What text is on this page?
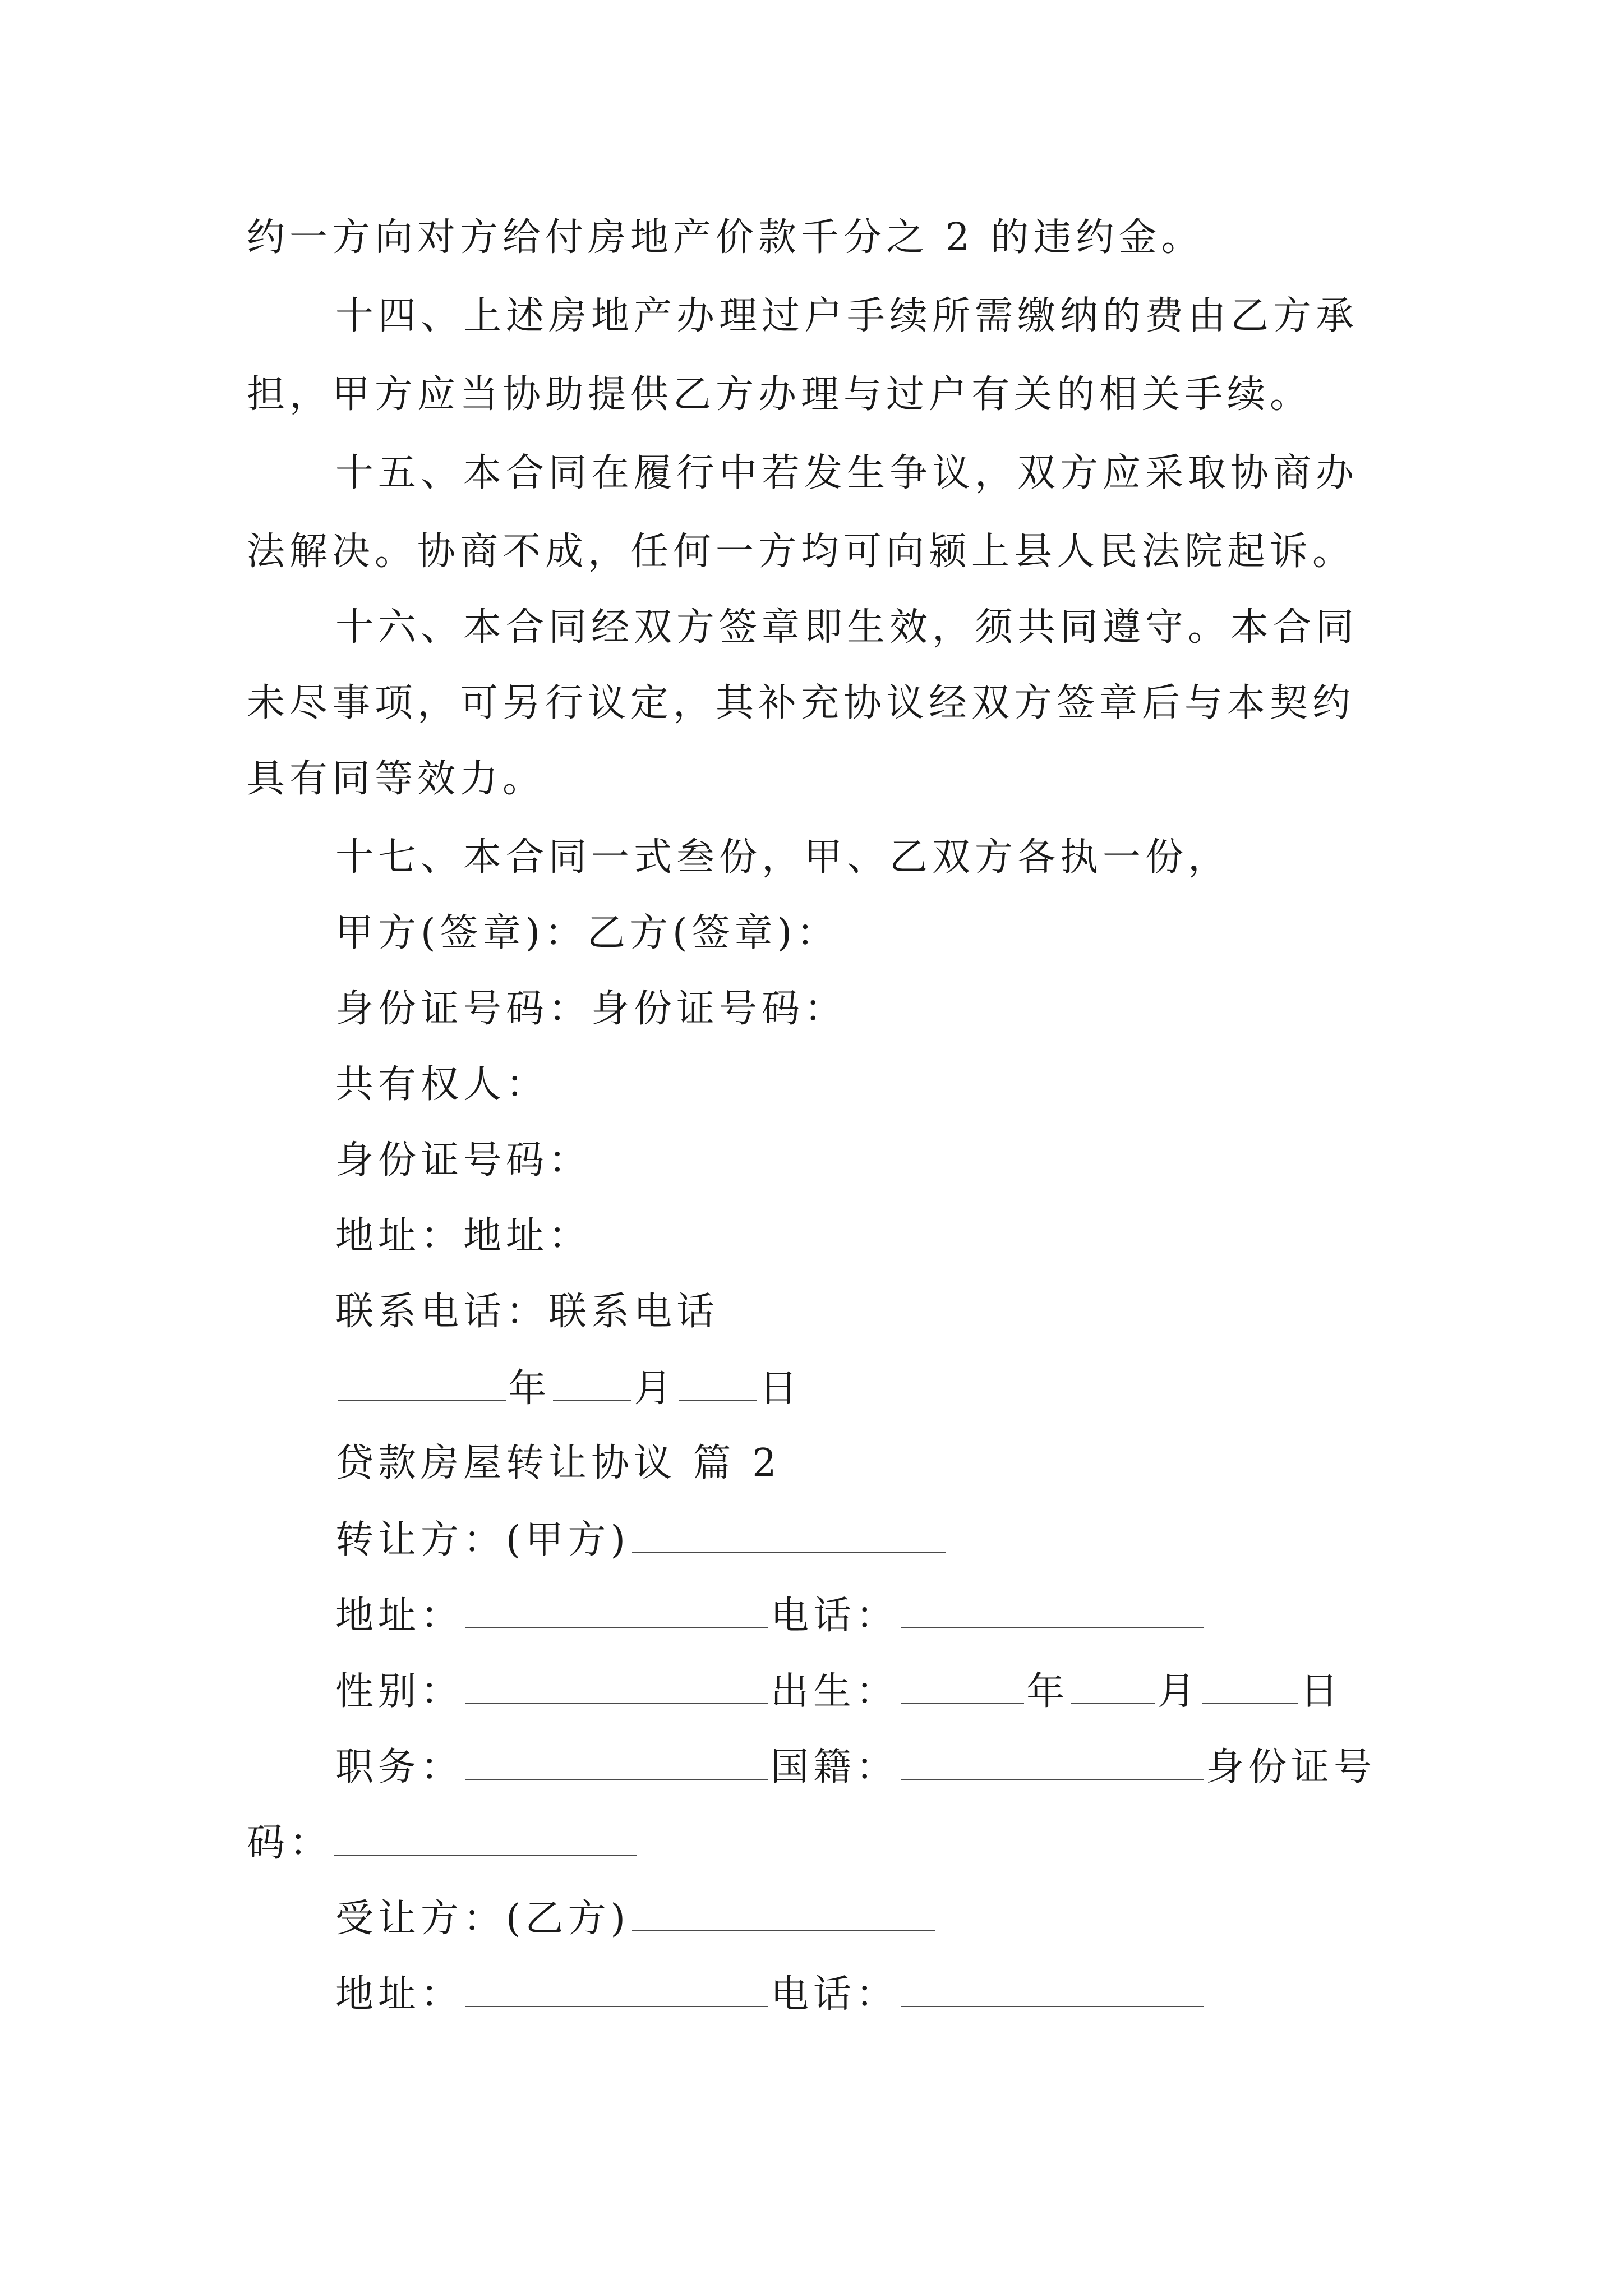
约一方向对方给付房地产价款千分之 2 的违约金。
十四、上述房地产办理过户手续所需缴纳的费由乙方承
担，甲方应当协助提供乙方办理与过户有关的相关手续。
十五、本合同在履行中若发生争议，双方应采取协商办
法解决。协商不成，任何一方均可向颍上县人民法院起诉。
十六、本合同经双方签章即生效，须共同遵守。本合同
未尽事项，可另行议定，其补充协议经双方签章后与本契约
具有同等效力。
十七、本合同一式叁份，甲、乙双方各执一份，
甲方(签章)：乙方(签章)：
身份证号码：身份证号码：
共有权人：
身份证号码：
地址：地址：
联系电话：联系电话
年 月 日
贷款房屋转让协议 篇 2
转让方：(甲方)
地址：	电话：
性别：	出生：	年 月	日
职务：	国籍：	身份证号
码：
受让方：(乙方)
地址：	电话：
